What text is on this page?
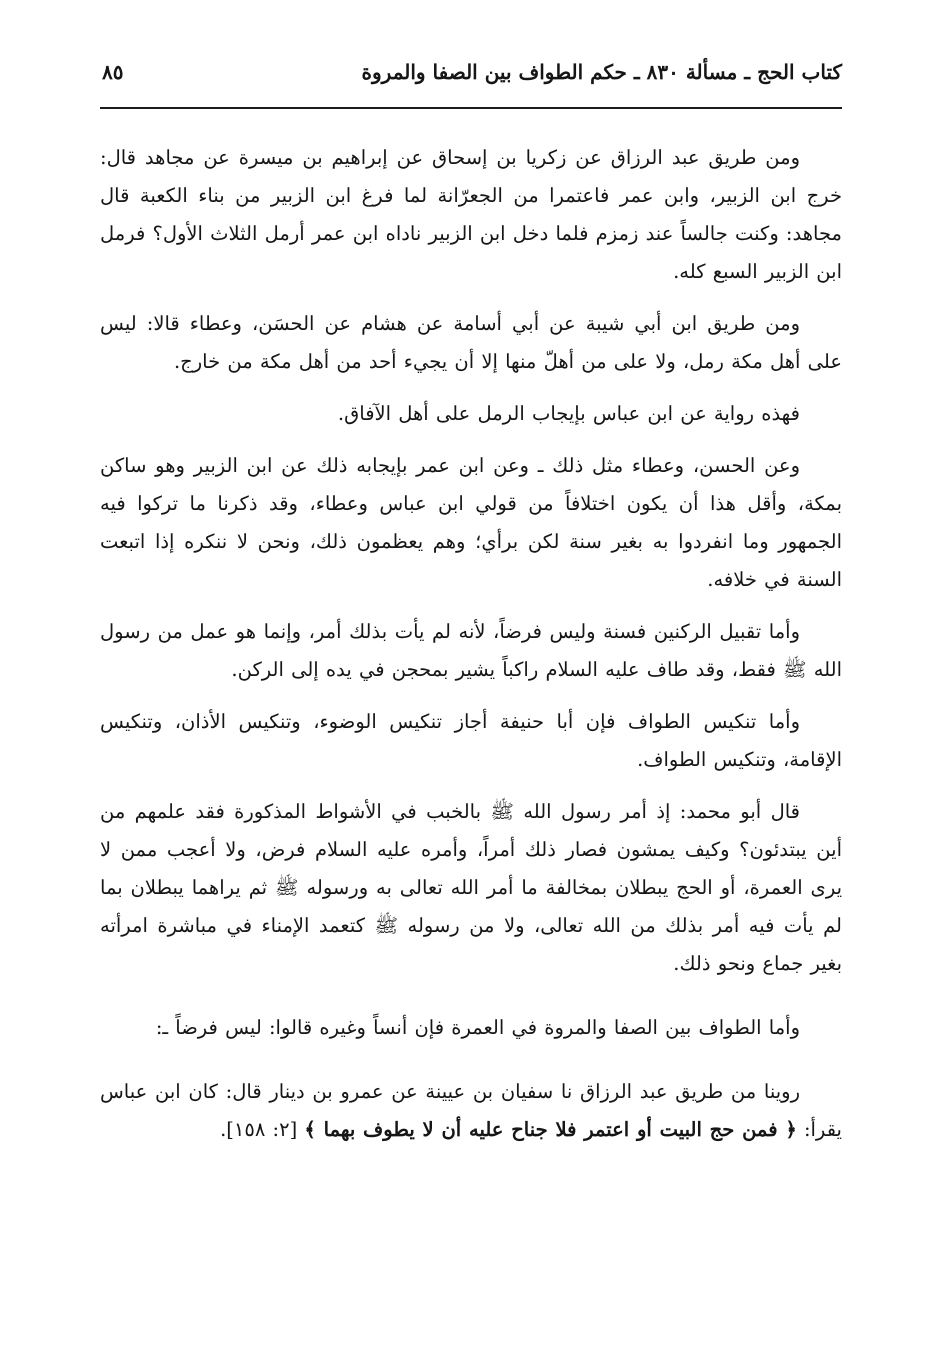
كتاب الحج ـ مسألة ٨٣٠ ـ حكم الطواف بين الصفا والمروة
٨٥

ومن طريق عبد الرزاق عن زكريا بن إسحاق عن إبراهيم بن ميسرة عن مجاهد قال: خرج ابن الزبير، وابن عمر فاعتمرا من الجعرّانة لما فرغ ابن الزبير من بناء الكعبة قال مجاهد: وكنت جالساً عند زمزم فلما دخل ابن الزبير ناداه ابن عمر أرمل الثلاث الأول؟ فرمل ابن الزبير السبع كله.

ومن طريق ابن أبي شيبة عن أبي أسامة عن هشام عن الحسَن، وعطاء قالا: ليس على أهل مكة رمل، ولا على من أهلّ منها إلا أن يجيء أحد من أهل مكة من خارج.

فهذه رواية عن ابن عباس بإيجاب الرمل على أهل الآفاق.

وعن الحسن، وعطاء مثل ذلك ـ وعن ابن عمر بإيجابه ذلك عن ابن الزبير وهو ساكن بمكة، وأقل هذا أن يكون اختلافاً من قولي ابن عباس وعطاء، وقد ذكرنا ما تركوا فيه الجمهور وما انفردوا به بغير سنة لكن برأي؛ وهم يعظمون ذلك، ونحن لا ننكره إذا اتبعت السنة في خلافه.

وأما تقبيل الركنين فسنة وليس فرضاً، لأنه لم يأت بذلك أمر، وإنما هو عمل من رسول الله ﷺ فقط، وقد طاف عليه السلام راكباً يشير بمحجن في يده إلى الركن.

وأما تنكيس الطواف فإن أبا حنيفة أجاز تنكيس الوضوء، وتنكيس الأذان، وتنكيس الإقامة، وتنكيس الطواف.

قال أبو محمد: إذ أمر رسول الله ﷺ بالخبب في الأشواط المذكورة فقد علمهم من أين يبتدئون؟ وكيف يمشون فصار ذلك أمراً، وأمره عليه السلام فرض، ولا أعجب ممن لا يرى العمرة، أو الحج يبطلان بمخالفة ما أمر الله تعالى به ورسوله ﷺ ثم يراهما يبطلان بما لم يأت فيه أمر بذلك من الله تعالى، ولا من رسوله ﷺ كتعمد الإمناء في مباشرة امرأته بغير جماع ونحو ذلك.

وأما الطواف بين الصفا والمروة في العمرة فإن أنساً وغيره قالوا: ليس فرضاً ـ:

روينا من طريق عبد الرزاق نا سفيان بن عيينة عن عمرو بن دينار قال: كان ابن عباس يقرأ: ﴿ فمن حج البيت أو اعتمر فلا جناح عليه أن لا يطوف بهما ﴾ [٢: ١٥٨].
